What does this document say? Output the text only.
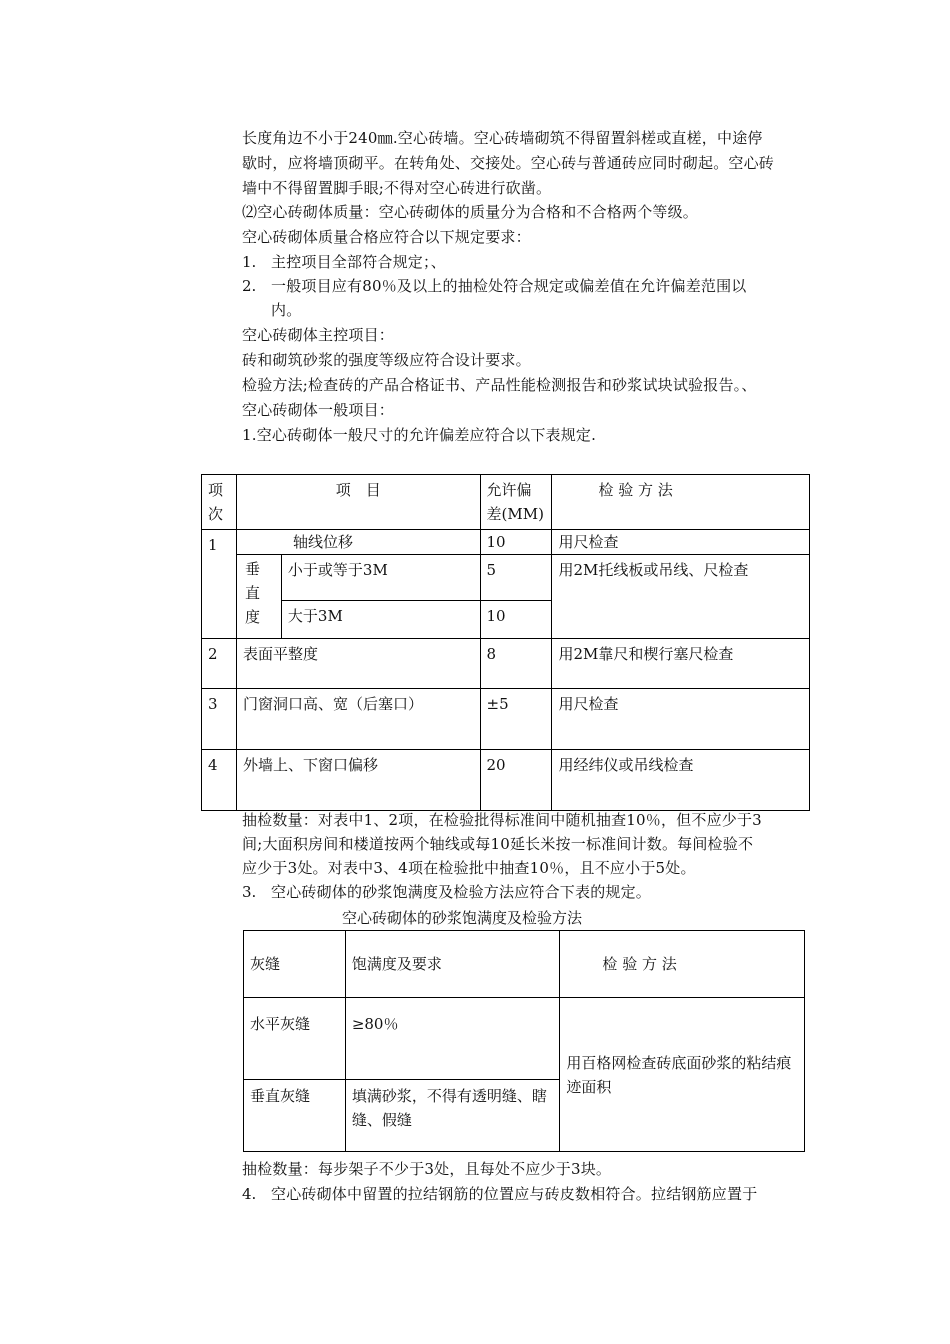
长度角边不小于240㎜.空心砖墙。空心砖墙砌筑不得留置斜槎或直槎，中途停
歇时，应将墙顶砌平。在转角处、交接处。空心砖与普通砖应同时砌起。空心砖
墙中不得留置脚手眼;不得对空心砖进行砍凿。
⑵空心砖砌体质量：空心砖砌体的质量分为合格和不合格两个等级。
空心砖砌体质量合格应符合以下规定要求：
1. 主控项目全部符合规定；、
2. 一般项目应有80％及以上的抽检处符合规定或偏差值在允许偏差范围以
内。
空心砖砌体主控项目：
砖和砌筑砂浆的强度等级应符合设计要求。
检验方法;检查砖的产品合格证书、产品性能检测报告和砂浆试块试验报告。、
空心砖砌体一般项目：
1.空心砖砌体一般尺寸的允许偏差应符合以下表规定.
项次	项　目		允许偏差(MM)	检 验 方 法
1	轴线位移		10	用尺检查
	垂直度	小于或等于3M	5	用2M托线板或吊线、尺检查
		大于3M	10	
2	表面平整度		8	用2M靠尺和楔行塞尺检查
3	门窗洞口高、宽（后塞口）		±5	用尺检查
4	外墙上、下窗口偏移		20	用经纬仪或吊线检查
抽检数量：对表中1、2项，在检验批得标准间中随机抽查10％，但不应少于3
间;大面积房间和楼道按两个轴线或每10延长米按一标准间计数。每间检验不
应少于3处。对表中3、4项在检验批中抽查10％，且不应小于5处。
3. 空心砖砌体的砂浆饱满度及检验方法应符合下表的规定。
空心砖砌体的砂浆饱满度及检验方法
灰缝	饱满度及要求	检 验 方 法
水平灰缝	≥80％	用百格网检查砖底面砂浆的粘结痕迹面积
垂直灰缝	填满砂浆，不得有透明缝、瞎缝、假缝	
抽检数量：每步架子不少于3处，且每处不应少于3块。
4. 空心砖砌体中留置的拉结钢筋的位置应与砖皮数相符合。拉结钢筋应置于
